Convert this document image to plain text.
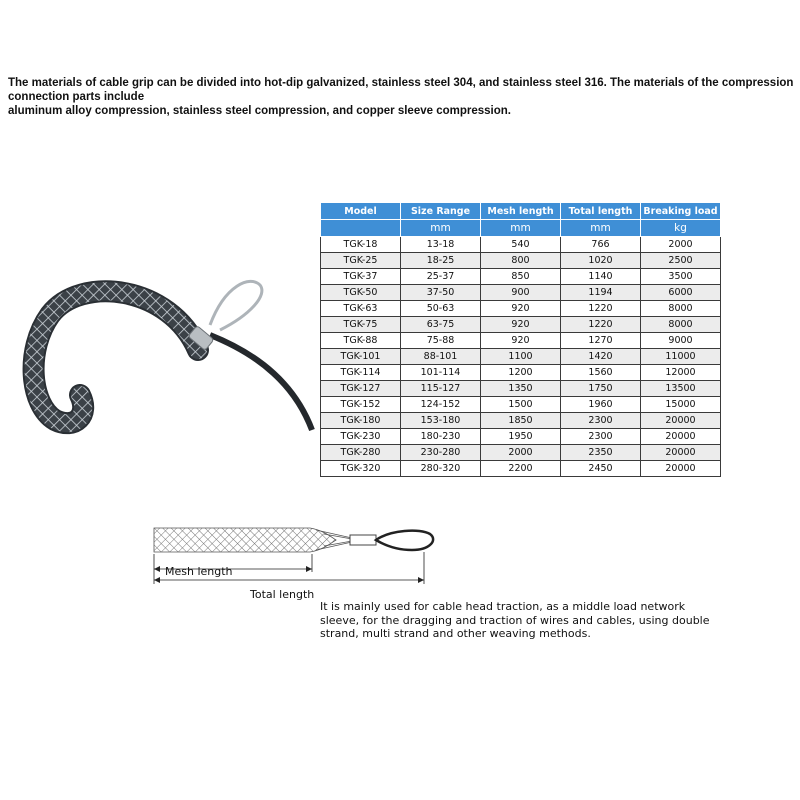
The materials of cable grip can be divided into hot-dip galvanized, stainless steel 304, and stainless steel 316. The materials of the compression

connection parts include

aluminum alloy compression, stainless steel compression, and copper sleeve compression.

Model	Size Range	Mesh length	Total length	Breaking load
	mm	mm	mm	kg
TGK-18	13-18	540	766	2000
TGK-25	18-25	800	1020	2500
TGK-37	25-37	850	1140	3500
TGK-50	37-50	900	1194	6000
TGK-63	50-63	920	1220	8000
TGK-75	63-75	920	1220	8000
TGK-88	75-88	920	1270	9000
TGK-101	88-101	1100	1420	11000
TGK-114	101-114	1200	1560	12000
TGK-127	115-127	1350	1750	13500
TGK-152	124-152	1500	1960	15000
TGK-180	153-180	1850	2300	20000
TGK-230	180-230	1950	2300	20000
TGK-280	230-280	2000	2350	20000
TGK-320	280-320	2200	2450	20000
Mesh length
Total length

It is mainly used for cable head traction, as a middle load network sleeve, for the dragging and traction of wires and cables, using double strand, multi strand and other weaving methods.
